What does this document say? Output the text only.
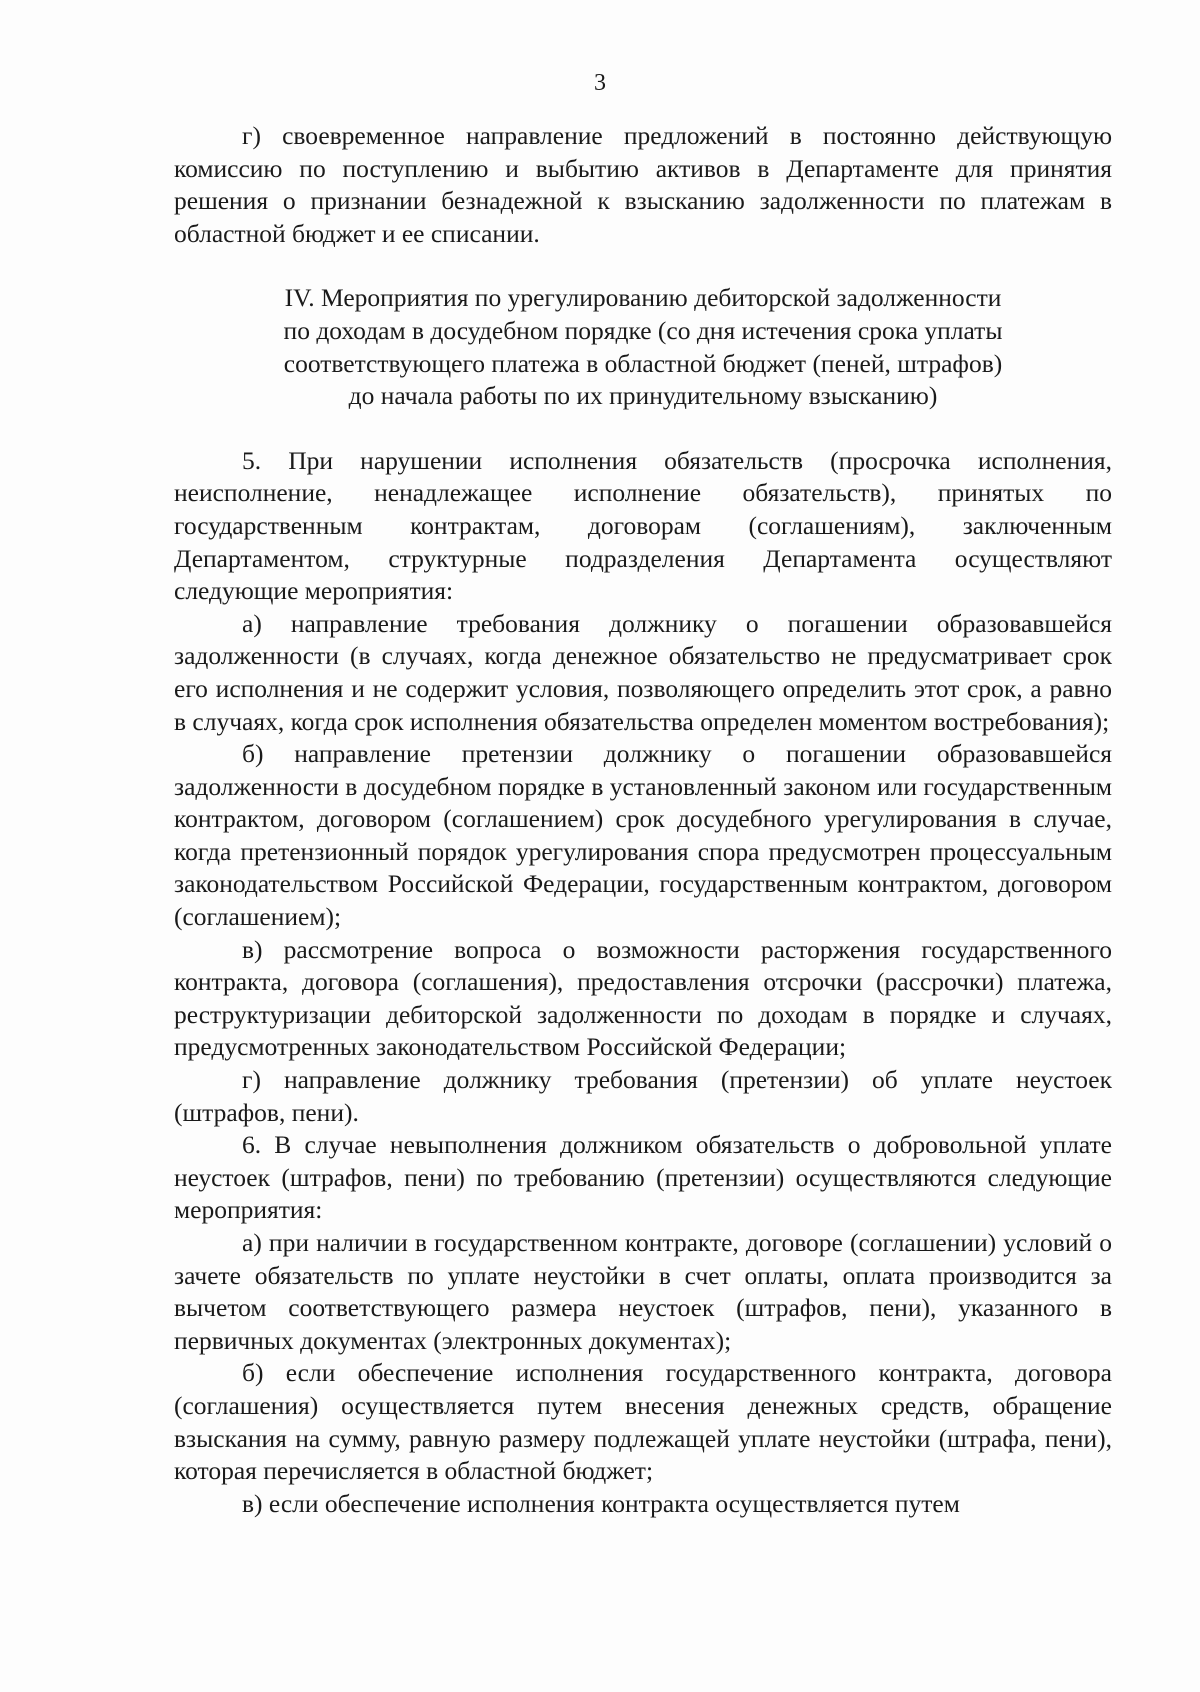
3

г) своевременное направление предложений в постоянно действующую комиссию по поступлению и выбытию активов в Департаменте для принятия решения о признании безнадежной к взысканию задолженности по платежам в областной бюджет и ее списании.

IV. Мероприятия по урегулированию дебиторской задолженности
по доходам в досудебном порядке (со дня истечения срока уплаты
соответствующего платежа в областной бюджет (пеней, штрафов)
до начала работы по их принудительному взысканию)

5. При нарушении исполнения обязательств (просрочка исполнения, неисполнение, ненадлежащее исполнение обязательств), принятых по государственным контрактам, договорам (соглашениям), заключенным Департаментом, структурные подразделения Департамента осуществляют следующие мероприятия:

а) направление требования должнику о погашении образовавшейся задолженности (в случаях, когда денежное обязательство не предусматривает срок его исполнения и не содержит условия, позволяющего определить этот срок, а равно в случаях, когда срок исполнения обязательства определен моментом востребования);

б) направление претензии должнику о погашении образовавшейся задолженности в досудебном порядке в установленный законом или государственным контрактом, договором (соглашением) срок досудебного урегулирования в случае, когда претензионный порядок урегулирования спора предусмотрен процессуальным законодательством Российской Федерации, государственным контрактом, договором (соглашением);

в) рассмотрение вопроса о возможности расторжения государственного контракта, договора (соглашения), предоставления отсрочки (рассрочки) платежа, реструктуризации дебиторской задолженности по доходам в порядке и случаях, предусмотренных законодательством Российской Федерации;

г) направление должнику требования (претензии) об уплате неустоек (штрафов, пени).

6. В случае невыполнения должником обязательств о добровольной уплате неустоек (штрафов, пени) по требованию (претензии) осуществляются следующие мероприятия:

а) при наличии в государственном контракте, договоре (соглашении) условий о зачете обязательств по уплате неустойки в счет оплаты, оплата производится за вычетом соответствующего размера неустоек (штрафов, пени), указанного в первичных документах (электронных документах);

б) если обеспечение исполнения государственного контракта, договора (соглашения) осуществляется путем внесения денежных средств, обращение взыскания на сумму, равную размеру подлежащей уплате неустойки (штрафа, пени), которая перечисляется в областной бюджет;

в) если обеспечение исполнения контракта осуществляется путем
